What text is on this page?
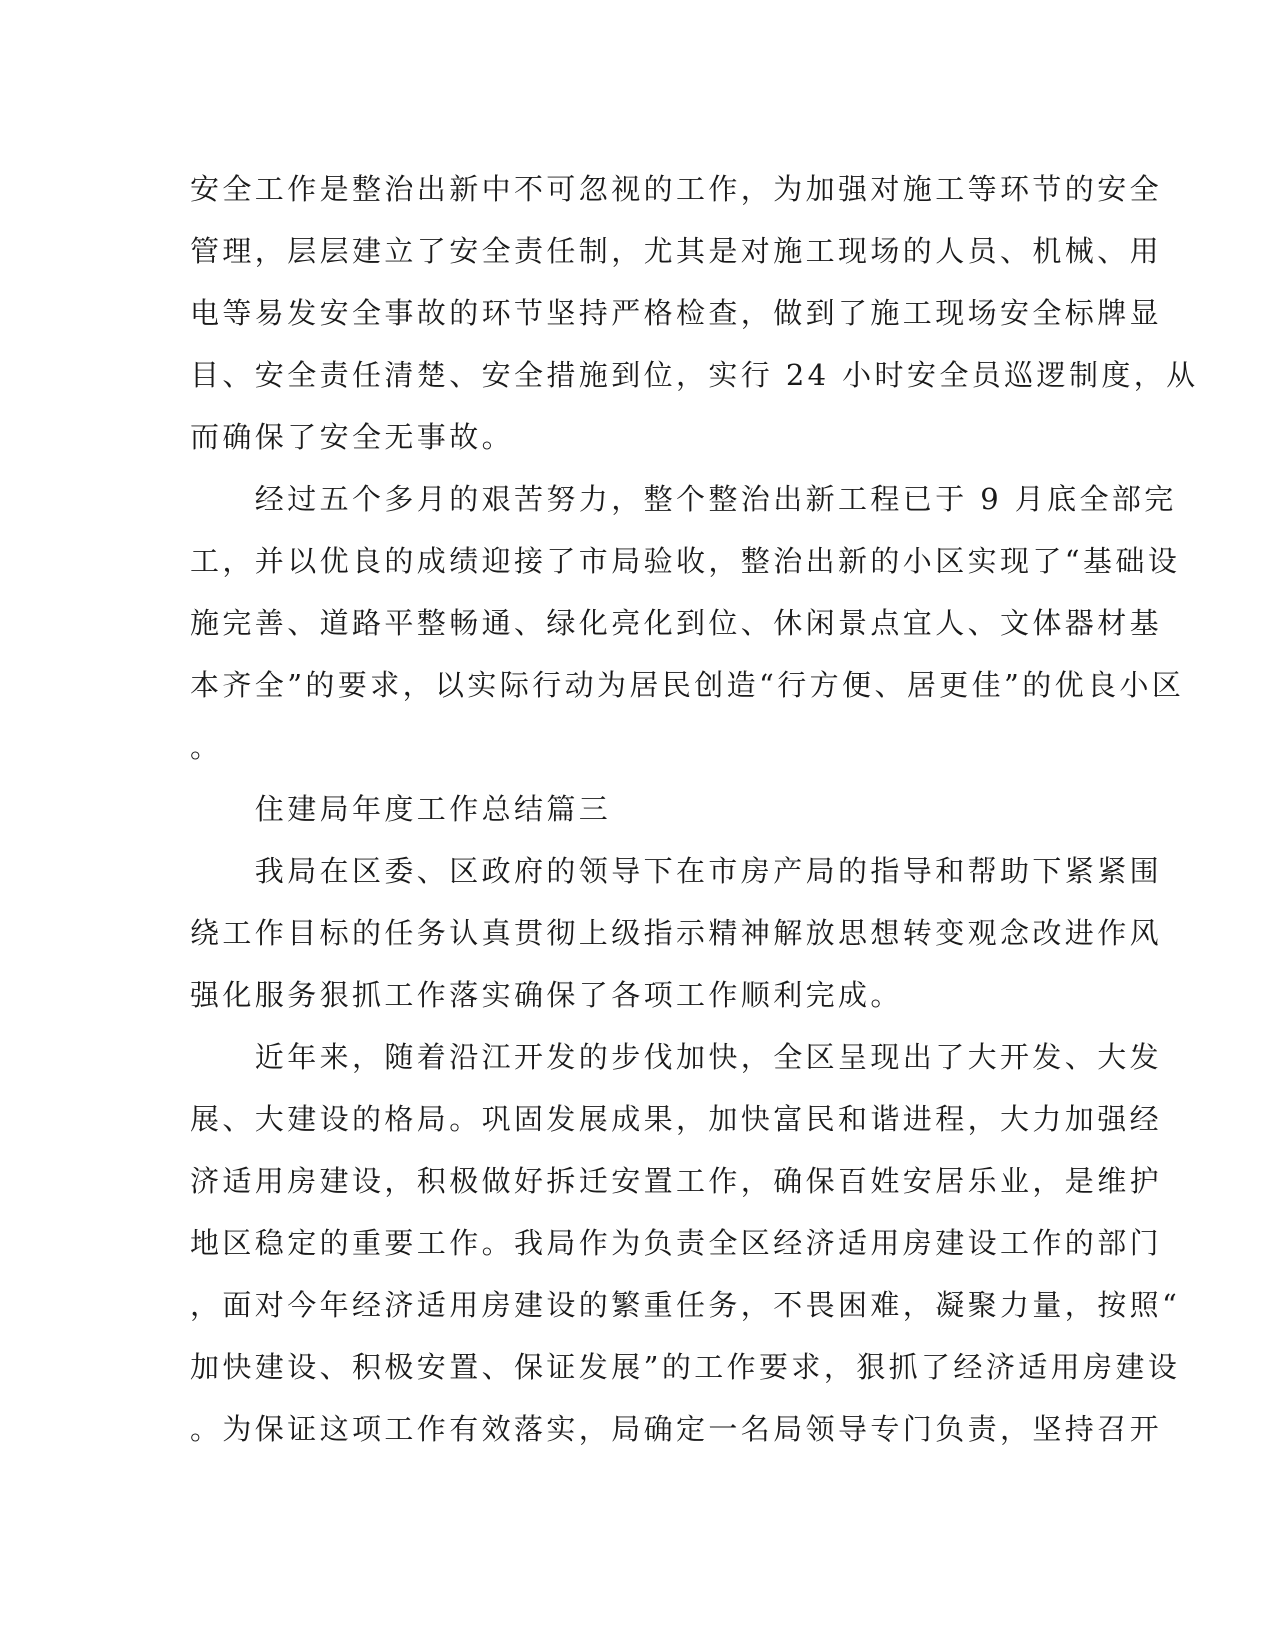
安全工作是整治出新中不可忽视的工作，为加强对施工等环节的安全
管理，层层建立了安全责任制，尤其是对施工现场的人员、机械、用
电等易发安全事故的环节坚持严格检查，做到了施工现场安全标牌显
目、安全责任清楚、安全措施到位，实行 24 小时安全员巡逻制度，从
而确保了安全无事故。
　　经过五个多月的艰苦努力，整个整治出新工程已于 9 月底全部完
工，并以优良的成绩迎接了市局验收，整治出新的小区实现了“基础设
施完善、道路平整畅通、绿化亮化到位、休闲景点宜人、文体器材基
本齐全”的要求，以实际行动为居民创造“行方便、居更佳”的优良小区
。
　　住建局年度工作总结篇三
　　我局在区委、区政府的领导下在市房产局的指导和帮助下紧紧围
绕工作目标的任务认真贯彻上级指示精神解放思想转变观念改进作风
强化服务狠抓工作落实确保了各项工作顺利完成。
　　近年来，随着沿江开发的步伐加快，全区呈现出了大开发、大发
展、大建设的格局。巩固发展成果，加快富民和谐进程，大力加强经
济适用房建设，积极做好拆迁安置工作，确保百姓安居乐业，是维护
地区稳定的重要工作。我局作为负责全区经济适用房建设工作的部门
，面对今年经济适用房建设的繁重任务，不畏困难，凝聚力量，按照“
加快建设、积极安置、保证发展”的工作要求，狠抓了经济适用房建设
。为保证这项工作有效落实，局确定一名局领导专门负责，坚持召开
